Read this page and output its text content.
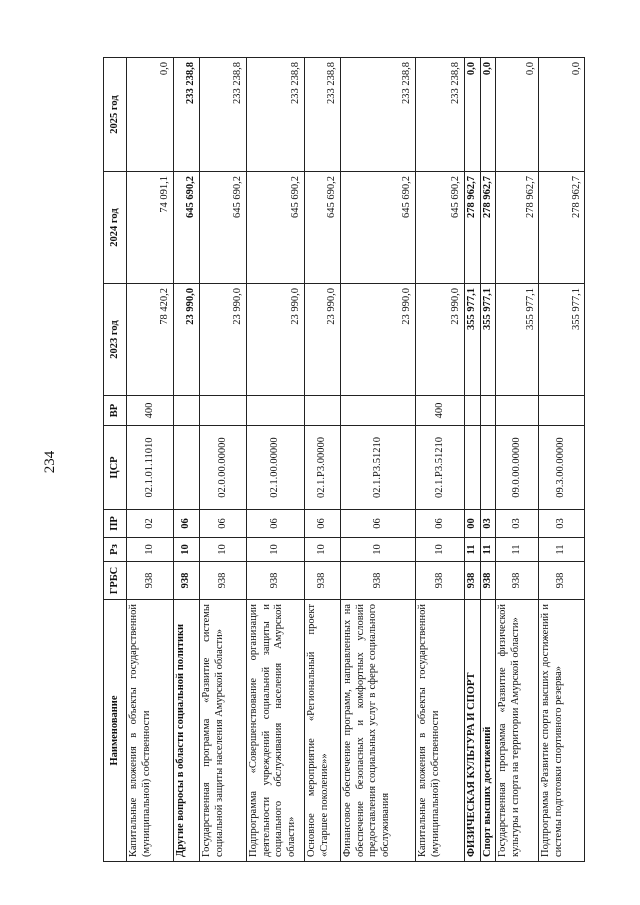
234
Наименование	ГРБС	Рз	ПР	ЦСР	ВР	2023 год	2024 год	2025 год
Капитальные вложения в объекты государственной (муниципальной) собственности	938	10	02	02.1.01.11010	400	78 420,2	74 091,1	0,0
Другие вопросы в области социальной политики	938	10	06			23 990,0	645 690,2	233 238,8
Государственная программа «Развитие системы социальной защиты населения Амурской области»	938	10	06	02.0.00.00000		23 990,0	645 690,2	233 238,8
Подпрограмма «Совершенствование организации деятельности учреждений социальной защиты и социального обслуживания населения Амурской области»	938	10	06	02.1.00.00000		23 990,0	645 690,2	233 238,8
Основное мероприятие «Региональный проект «Старшее поколение»»	938	10	06	02.1.P3.00000		23 990,0	645 690,2	233 238,8
Финансовое обеспечение программ, направленных на обеспечение безопасных и комфортных условий предоставления социальных услуг в сфере социального обслуживания	938	10	06	02.1.P3.51210		23 990,0	645 690,2	233 238,8
Капитальные вложения в объекты государственной (муниципальной) собственности	938	10	06	02.1.P3.51210	400	23 990,0	645 690,2	233 238,8
ФИЗИЧЕСКАЯ КУЛЬТУРА И СПОРТ	938	11	00			355 977,1	278 962,7	0,0
Спорт высших достижений	938	11	03			355 977,1	278 962,7	0,0
Государственная программа «Развитие физической культуры и спорта на территории Амурской области»	938	11	03	09.0.00.00000		355 977,1	278 962,7	0,0
Подпрограмма «Развитие спорта высших достижений и системы подготовки спортивного резерва»	938	11	03	09.3.00.00000		355 977,1	278 962,7	0,0
